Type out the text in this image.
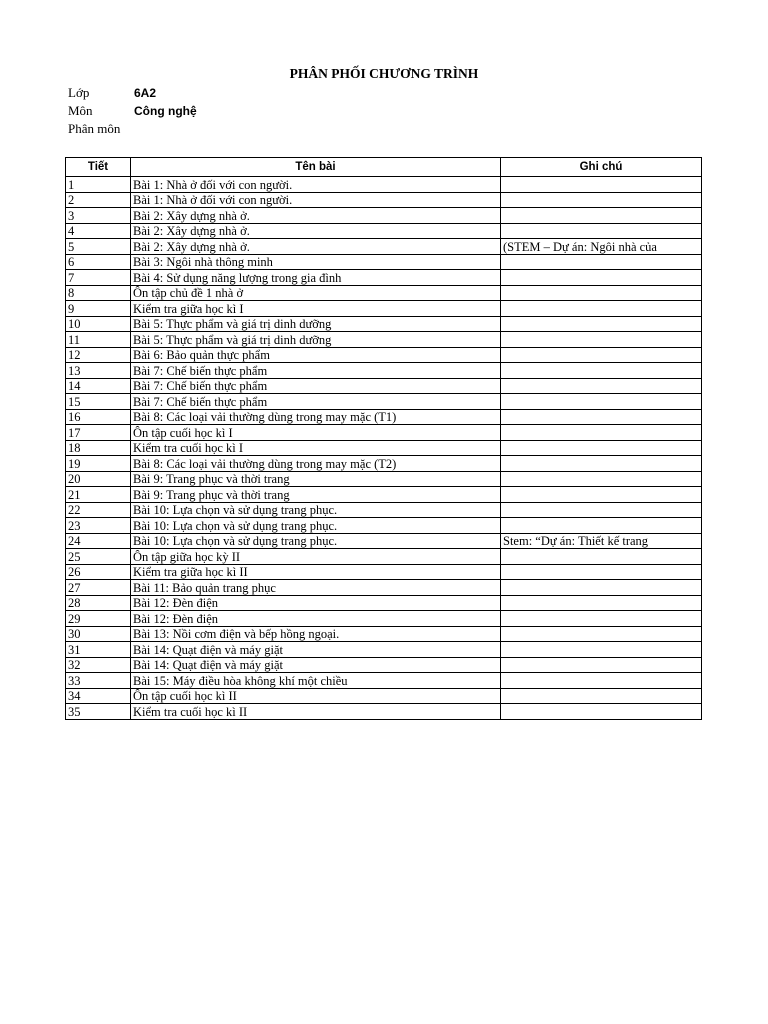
PHÂN PHỐI CHƯƠNG TRÌNH
Lớp	6A2
Môn	Công nghệ
Phân môn
Tiết	Tên bài	Ghi chú
1	Bài 1: Nhà ở đối với con người.	
2	Bài 1: Nhà ở đối với con người.	
3	Bài 2: Xây dựng nhà ở.	
4	Bài 2: Xây dựng nhà ở.	
5	Bài 2: Xây dựng nhà ở.	(STEM – Dự án: Ngôi nhà của
6	Bài 3: Ngôi nhà thông minh	
7	Bài 4: Sử dụng năng lượng trong gia đình	
8	Ôn tập chủ đề 1 nhà ở	
9	Kiểm tra giữa học kì I	
10	Bài 5: Thực phẩm và giá trị dinh dưỡng	
11	Bài 5: Thực phẩm và giá trị dinh dưỡng	
12	Bài 6: Bảo quản thực phẩm	
13	Bài 7: Chế biến thực phẩm	
14	Bài 7: Chế biến thực phẩm	
15	Bài 7: Chế biến thực phẩm	
16	Bài 8: Các loại vải thường dùng trong may mặc (T1)	
17	Ôn tập cuối học kì I	
18	Kiểm tra cuối học kì I	
19	Bài 8: Các loại vải thường dùng trong may mặc (T2)	
20	Bài 9: Trang phục và thời trang	
21	Bài 9: Trang phục và thời trang	
22	Bài 10: Lựa chọn và sử dụng trang phục.	
23	Bài 10: Lựa chọn và sử dụng trang phục.	
24	Bài 10: Lựa chọn và sử dụng trang phục.	Stem: “Dự án: Thiết kế trang
25	Ôn tập giữa học kỳ II	
26	Kiểm tra giữa học kì II	
27	Bài 11: Bảo quản trang phục	
28	Bài 12: Đèn điện	
29	Bài 12: Đèn điện	
30	Bài 13: Nồi cơm điện và bếp hồng ngoại.	
31	Bài 14: Quạt điện và máy giặt	
32	Bài 14: Quạt điện và máy giặt	
33	Bài 15: Máy điều hòa không khí một chiều	
34	Ôn tập cuối học kì II	
35	Kiểm tra cuối học kì II	
